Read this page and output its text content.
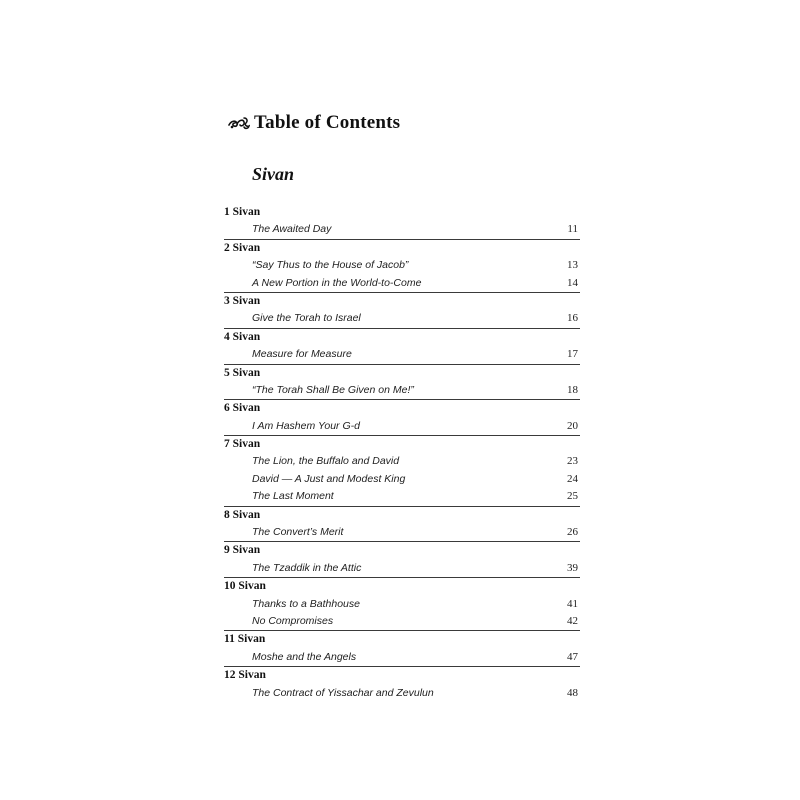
Table of Contents
Sivan
1 Sivan
The Awaited Day	11
2 Sivan
“Say Thus to the House of Jacob”	13
A New Portion in the World-to-Come	14
3 Sivan
Give the Torah to Israel	16
4 Sivan
Measure for Measure	17
5 Sivan
“The Torah Shall Be Given on Me!”	18
6 Sivan
I Am Hashem Your G-d	20
7 Sivan
The Lion, the Buffalo and David	23
David — A Just and Modest King	24
The Last Moment	25
8 Sivan
The Convert’s Merit	26
9 Sivan
The Tzaddik in the Attic	39
10 Sivan
Thanks to a Bathhouse	41
No Compromises	42
11 Sivan
Moshe and the Angels	47
12 Sivan
The Contract of Yissachar and Zevulun	48
